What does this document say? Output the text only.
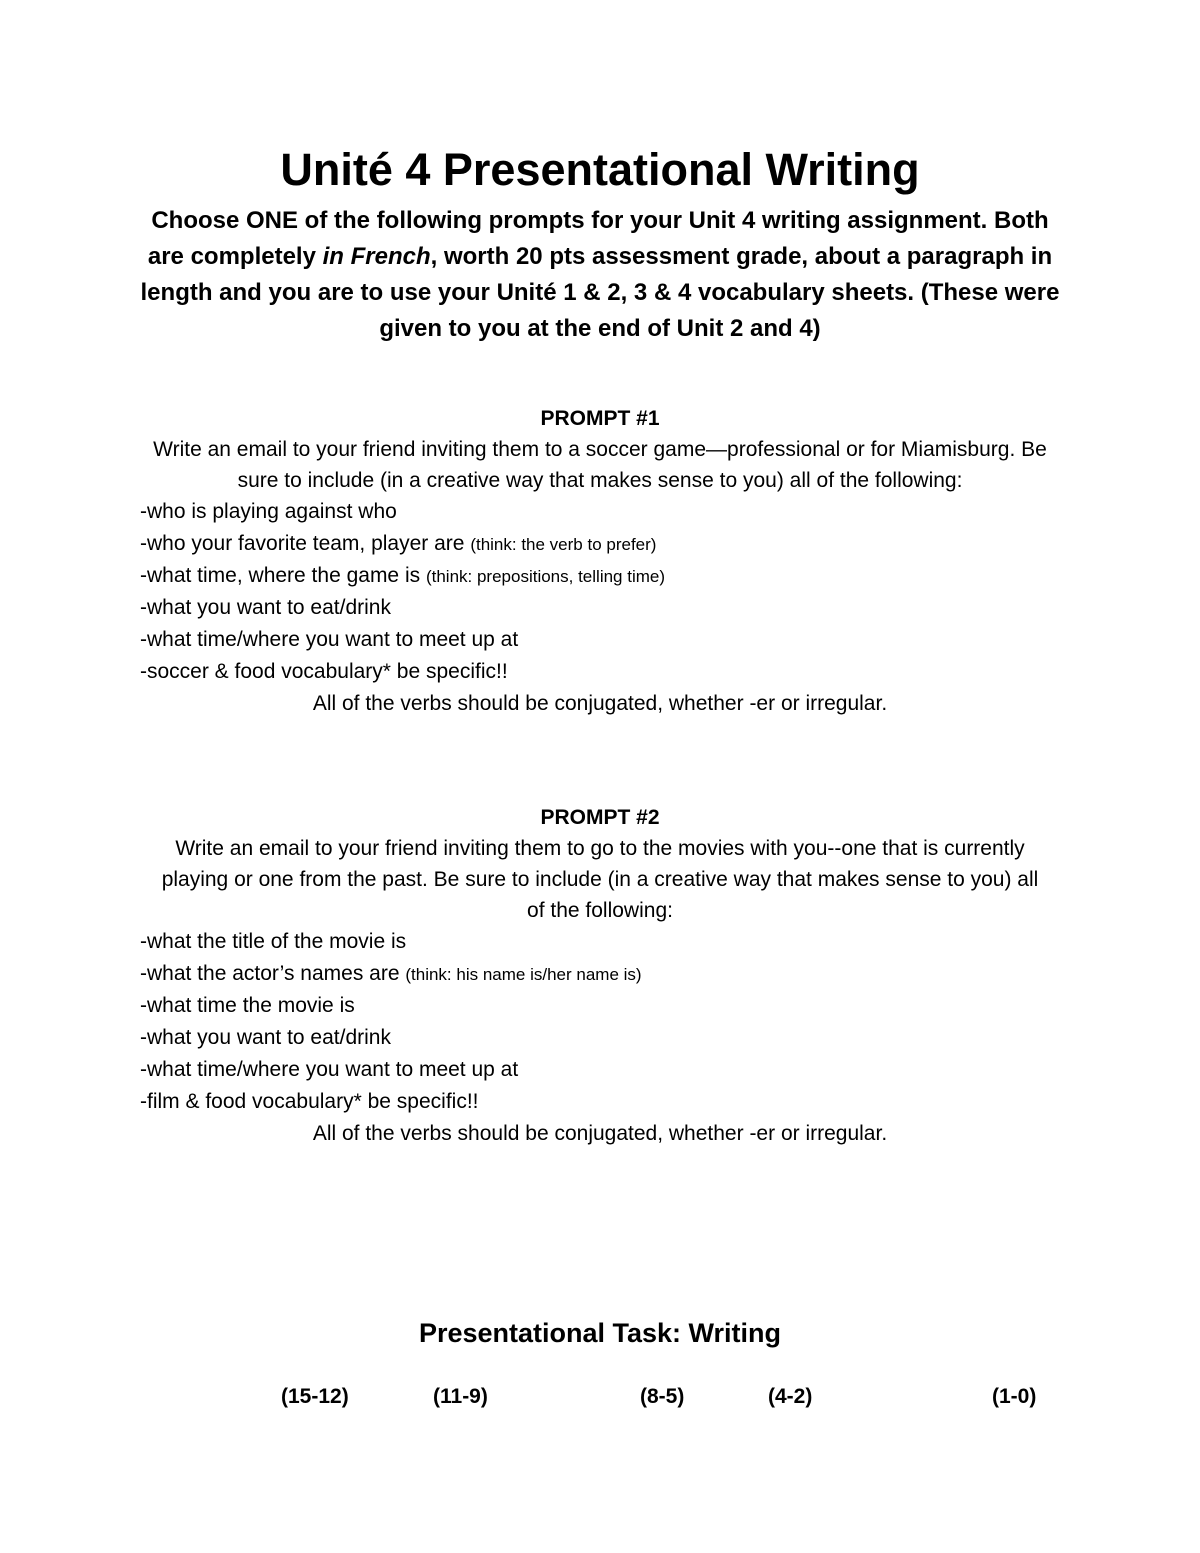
Unité 4 Presentational Writing
Choose ONE of the following prompts for your Unit 4 writing assignment. Both are completely in French, worth 20 pts assessment grade, about a paragraph in length and you are to use your Unité 1 & 2, 3 & 4 vocabulary sheets. (These were given to you at the end of Unit 2 and 4)
PROMPT #1
Write an email to your friend inviting them to a soccer game—professional or for Miamisburg. Be sure to include (in a creative way that makes sense to you) all of the following:
-who is playing against who
-who your favorite team, player are (think: the verb to prefer)
-what time, where the game is (think: prepositions, telling time)
-what you want to eat/drink
-what time/where you want to meet up at
-soccer & food vocabulary* be specific!!
All of the verbs should be conjugated, whether -er or irregular.
PROMPT #2
Write an email to your friend inviting them to go to the movies with you--one that is currently playing or one from the past. Be sure to include (in a creative way that makes sense to you) all of the following:
-what the title of the movie is
-what the actor’s names are (think: his name is/her name is)
-what time the movie is
-what you want to eat/drink
-what time/where you want to meet up at
-film & food vocabulary* be specific!!
All of the verbs should be conjugated, whether -er or irregular.
Presentational Task: Writing
(15-12)	(11-9)	(8-5)	(4-2)	(1-0)
